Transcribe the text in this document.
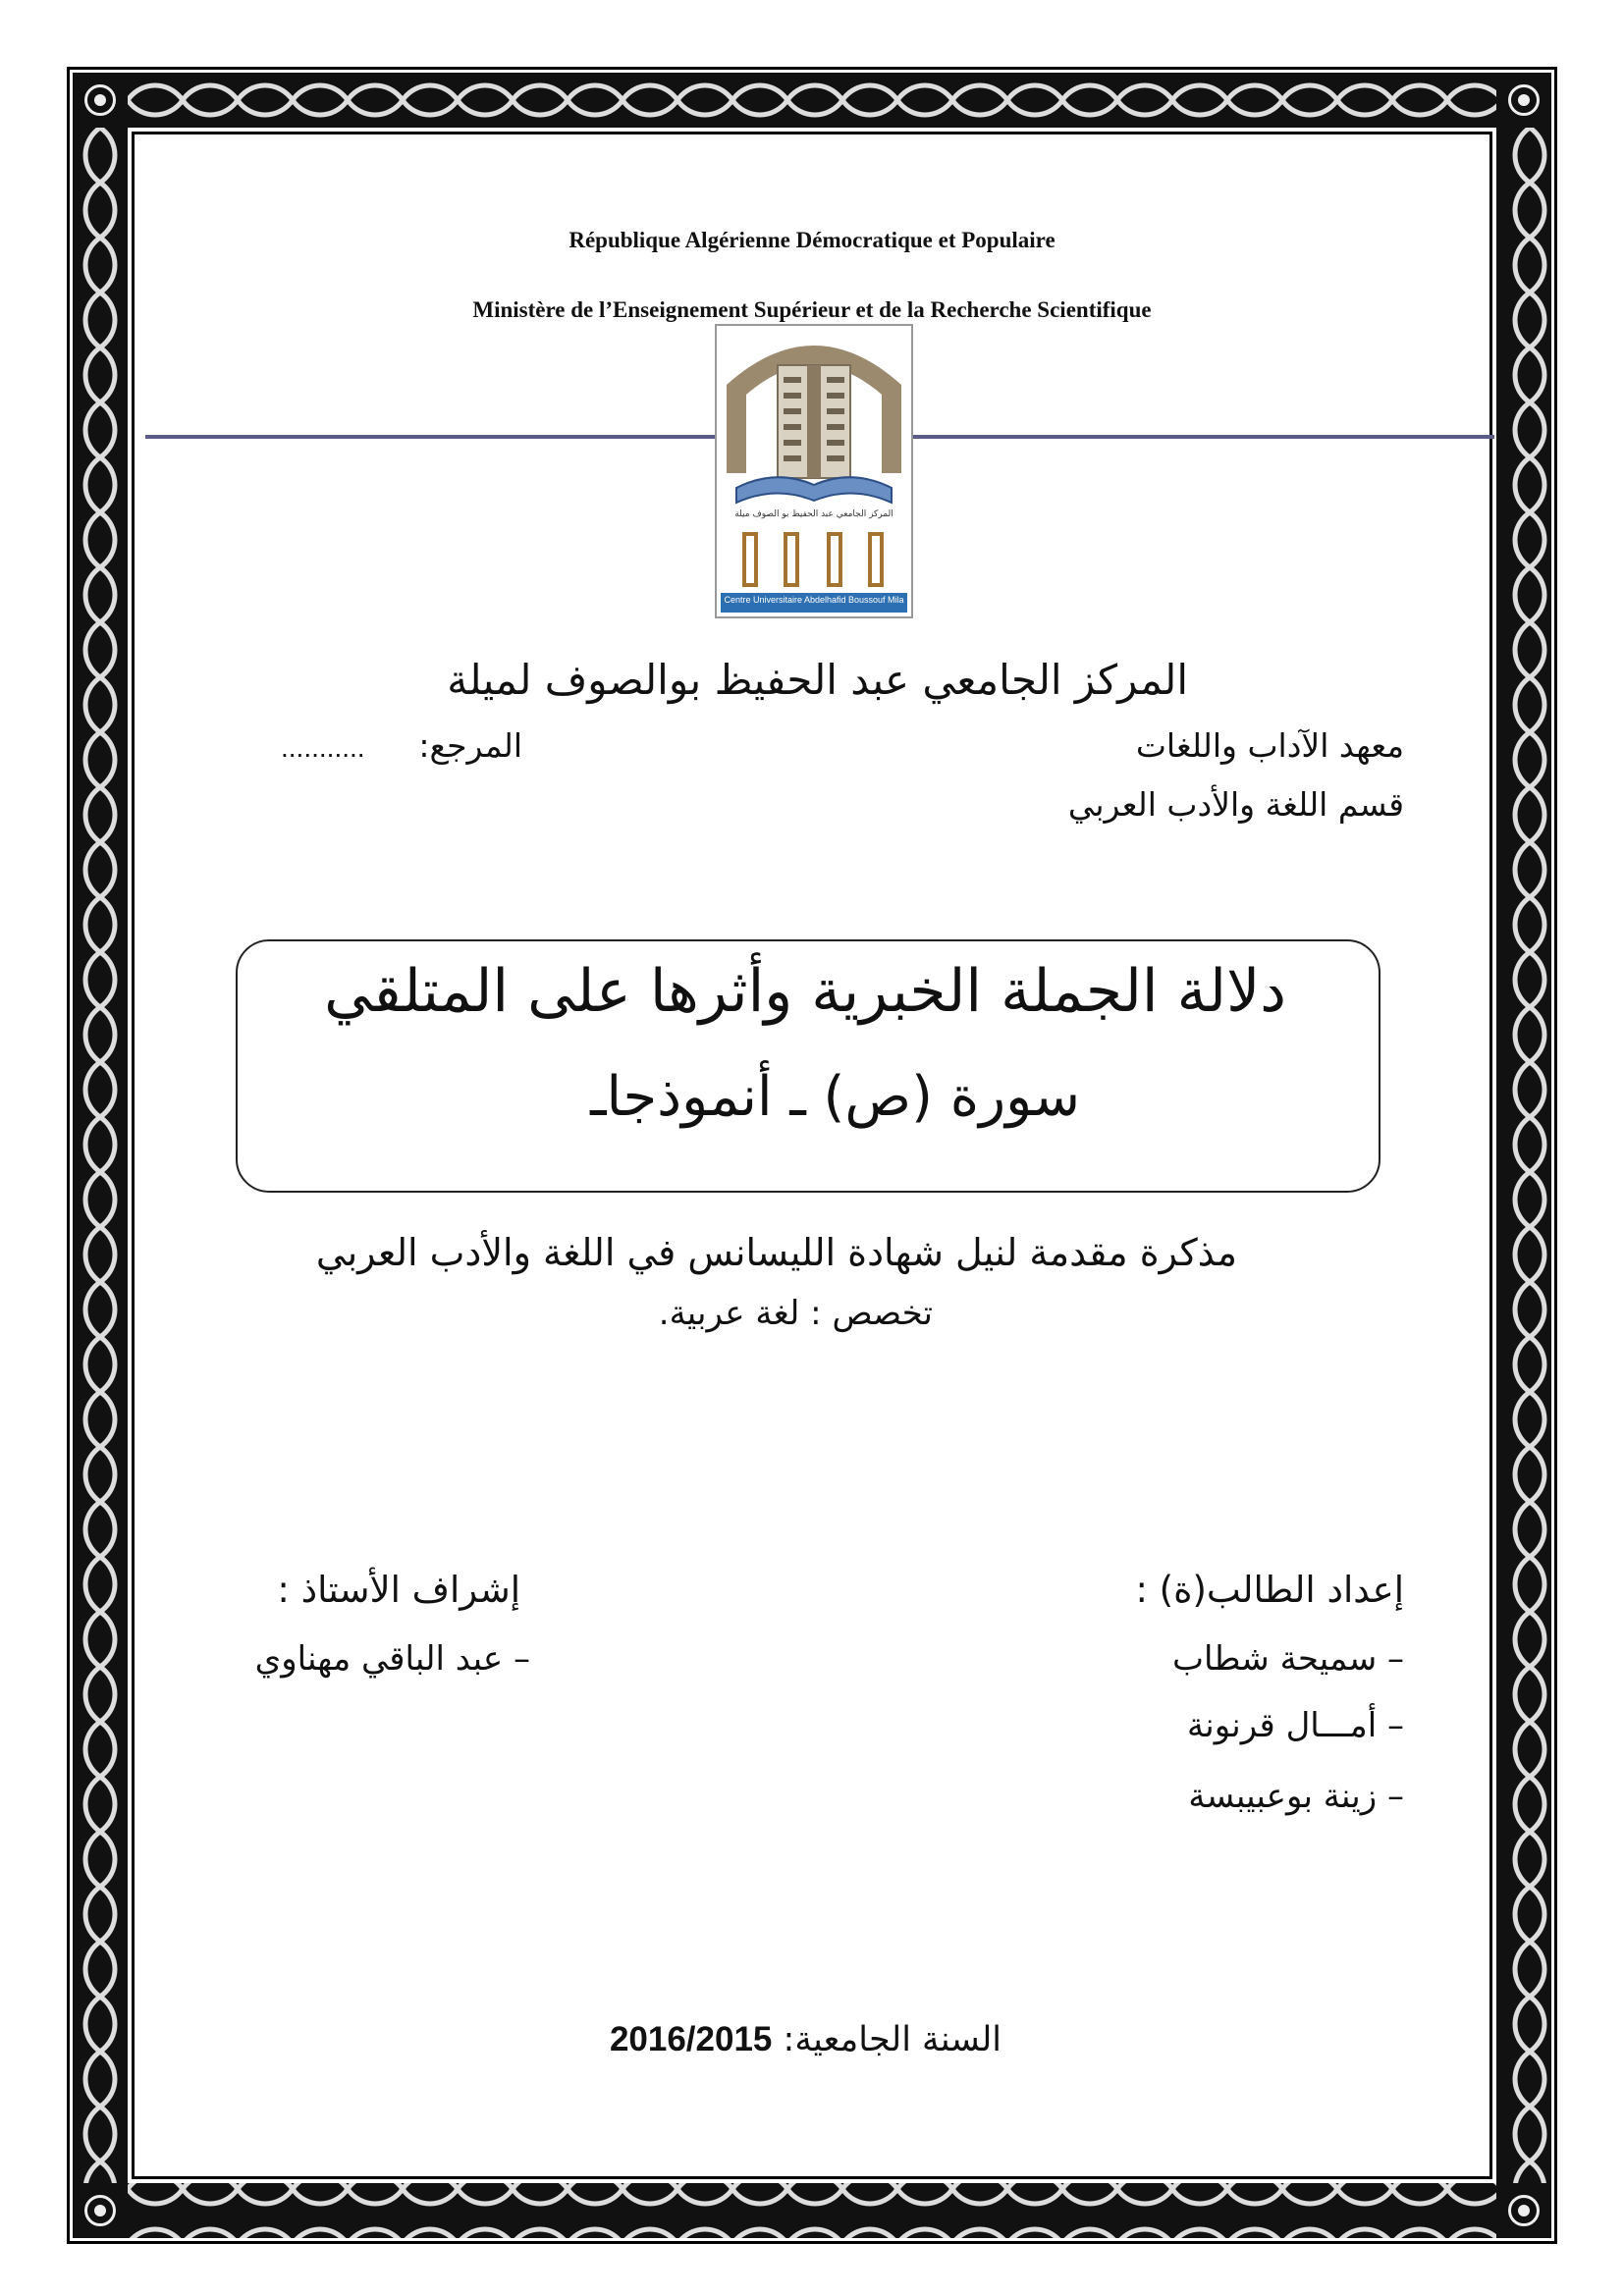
République Algérienne Démocratique et Populaire
Ministère de l’Enseignement Supérieur et de la Recherche Scientifique
المركز الجامعي عبد الحفيظ بو الصوف ميلة
Centre Universitaire Abdelhafid Boussouf Mila
المركز الجامعي عبد الحفيظ بوالصوف لميلة
معهد الآداب واللغات
قسم اللغة والأدب العربي
المرجع:
...........
دلالة الجملة الخبرية وأثرها على المتلقي
سورة (ص) ـ أنموذجاـ
مذكرة مقدمة لنيل شهادة الليسانس في اللغة والأدب العربي
تخصص : لغة عربية.
إعداد الطالب(ة) :
– سميحة شطاب
– أمـــال قرنونة
– زينة بوعبيبسة
إشراف الأستاذ :
– عبد الباقي مهناوي
السنة الجامعية: 2016/2015
